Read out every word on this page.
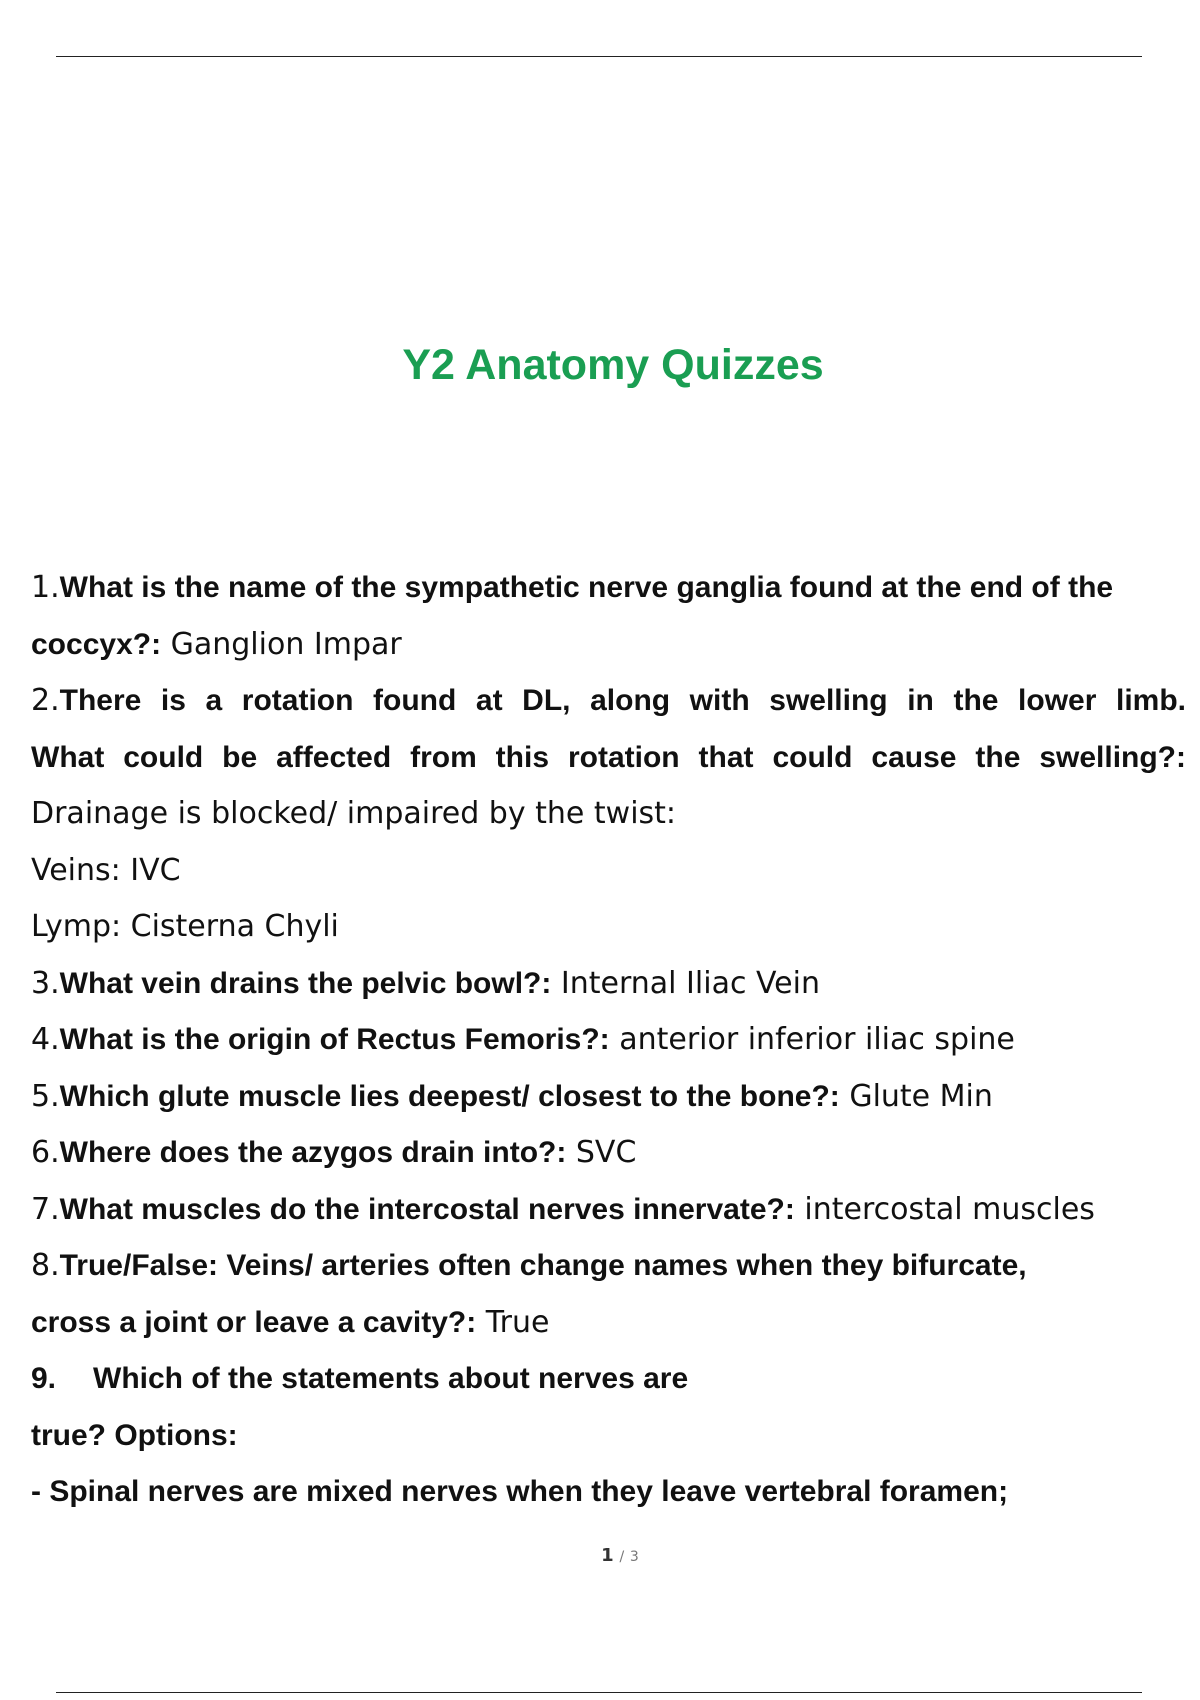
Y2 Anatomy Quizzes
1.What is the name of the sympathetic nerve ganglia found at the end of the
coccyx?: Ganglion Impar
2.There is a rotation found at DL, along with swelling in the lower limb.
What could be affected from this rotation that could cause the swelling?:
Drainage is blocked/ impaired by the twist:
Veins: IVC
Lymp: Cisterna Chyli
3.What vein drains the pelvic bowl?: Internal Iliac Vein
4.What is the origin of Rectus Femoris?: anterior inferior iliac spine
5.Which glute muscle lies deepest/ closest to the bone?: Glute Min
6.Where does the azygos drain into?: SVC
7.What muscles do the intercostal nerves innervate?: intercostal muscles
8.True/False: Veins/ arteries often change names when they bifurcate,
cross a joint or leave a cavity?: True
9. Which of the statements about nerves are
true? Options:
- Spinal nerves are mixed nerves when they leave vertebral foramen;
1 / 3
